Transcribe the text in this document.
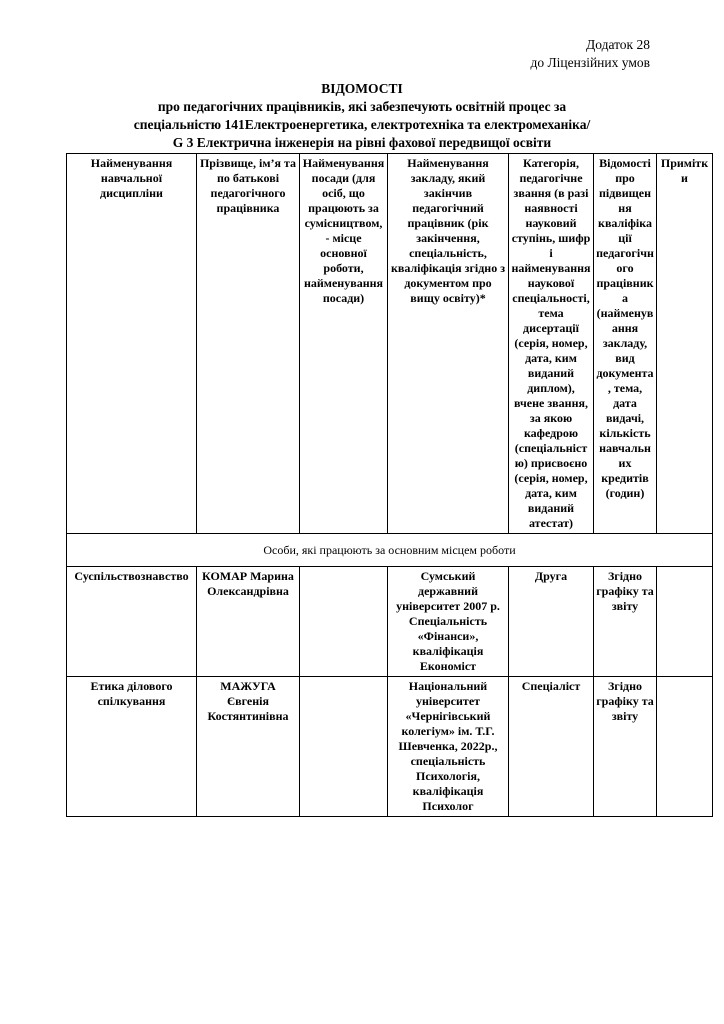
Додаток 28
до Ліцензійних умов
ВІДОМОСТІ
про педагогічних працівників, які забезпечують освітній процес за
спеціальністю 141Електроенергетика, електротехніка та електромеханіка/
G 3 Електрична інженерія на рівні фахової передвищої освіти
Найменування навчальної дисципліни	Прізвище, ім’я та по батькові педагогічного працівника	Найменування посади (для осіб, що працюють за сумісництвом, - місце основної роботи, найменування посади)	Найменування закладу, який закінчив педагогічний працівник (рік закінчення, спеціальність, кваліфікація згідно з документом про вищу освіту)*	Категорія, педагогічне звання (в разі наявності науковий ступінь, шифр і найменування наукової спеціальності, тема дисертації (серія, номер, дата, ким виданий диплом), вчене звання, за якою кафедрою (спеціальністю) присвоєно (серія, номер, дата, ким виданий атестат)	Відомості про підвищення кваліфікації педагогічного працівника (найменування закладу, вид документа, тема, дата видачі, кількість навчальних кредитів (годин)	Примітки
Особи, які працюють за основним місцем роботи						
Суспільствознавство	КОМАР Марина Олександрівна		Сумський державний університет 2007 р. Спеціальність «Фінанси», кваліфікація Економіст	Друга	Згідно графіку та звіту	
Етика ділового спілкування	МАЖУГА Євгенія Костянтинівна		Національний університет «Чернігівський колегіум» ім. Т.Г. Шевченка, 2022р., спеціальність Психологія, кваліфікація Психолог	Спеціаліст	Згідно графіку та звіту	
